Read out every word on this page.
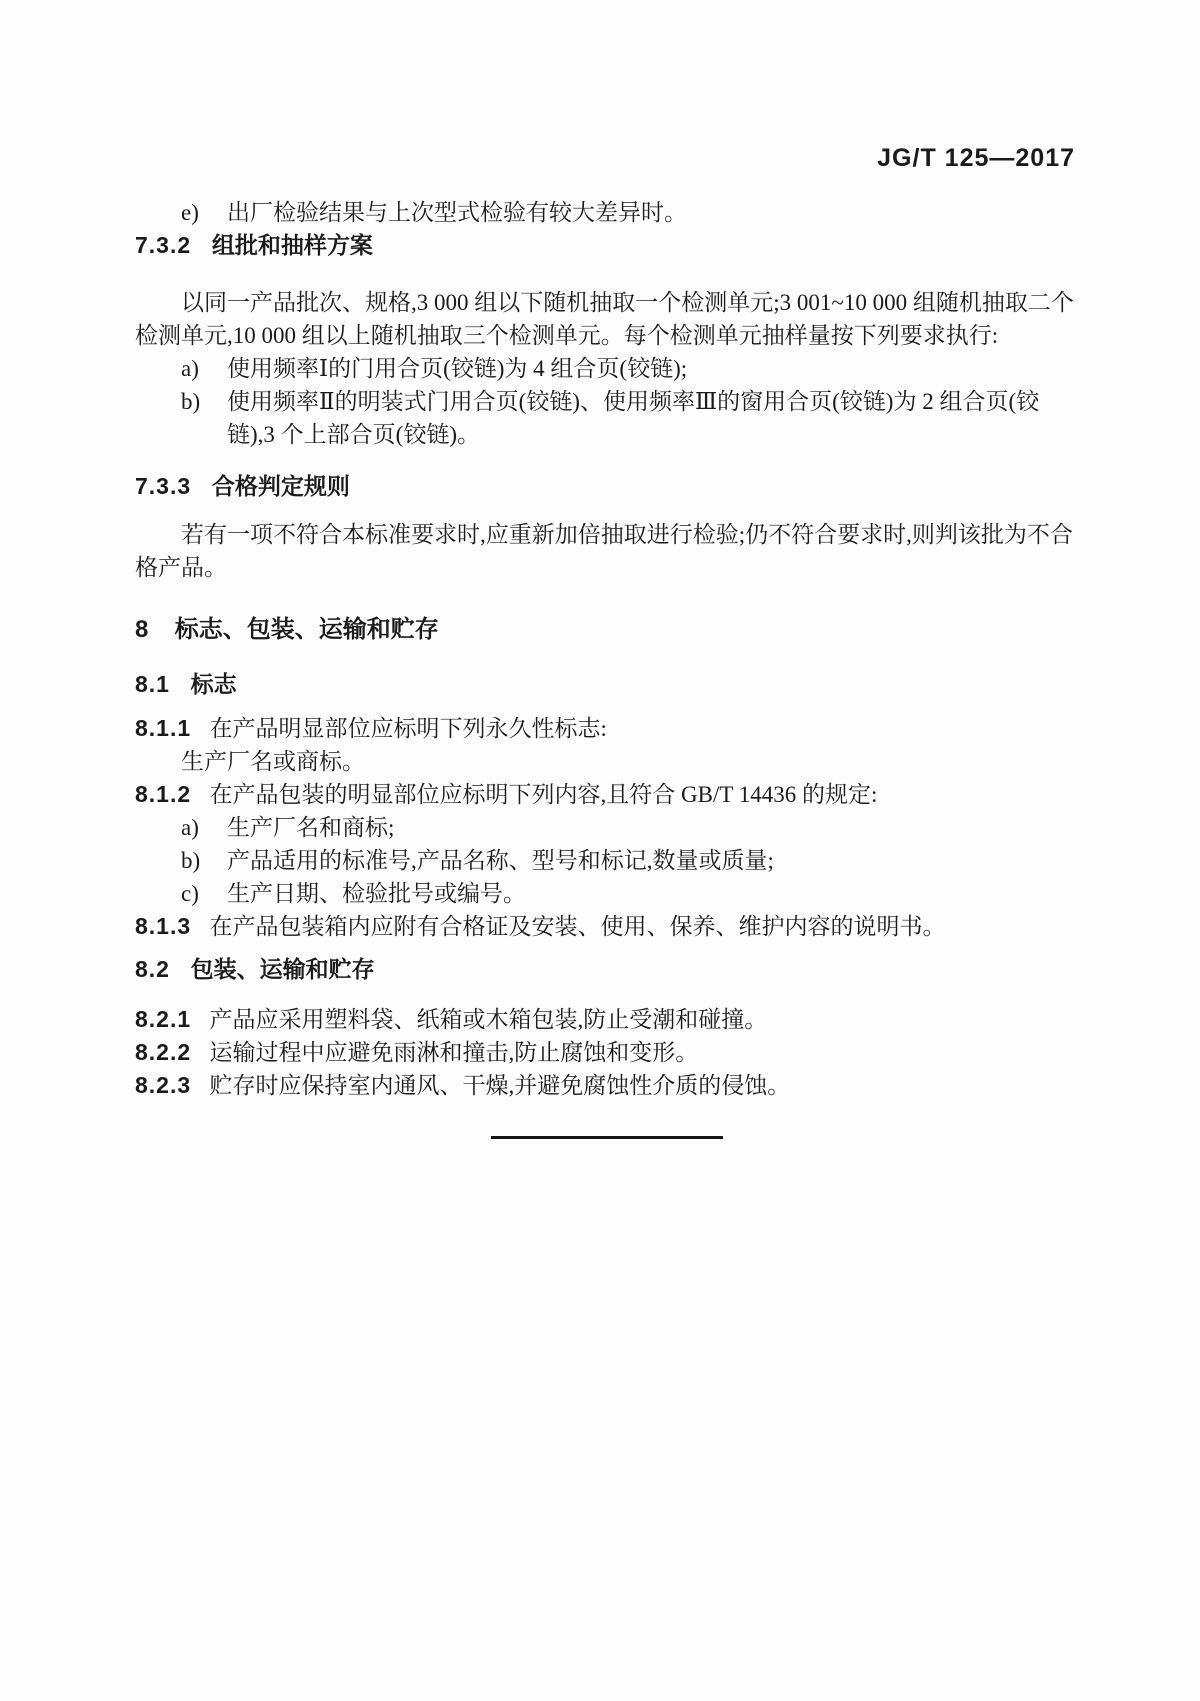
JG/T 125—2017
e)	出厂检验结果与上次型式检验有较大差异时。
7.3.2 组批和抽样方案

以同一产品批次、规格,3 000 组以下随机抽取一个检测单元;3 001~10 000 组随机抽取二个检测单元,10 000 组以上随机抽取三个检测单元。每个检测单元抽样量按下列要求执行:

a)	使用频率Ⅰ的门用合页(铰链)为 4 组合页(铰链);
b)	使用频率Ⅱ的明装式门用合页(铰链)、使用频率Ⅲ的窗用合页(铰链)为 2 组合页(铰链),3 个上部合页(铰链)。
7.3.3 合格判定规则

若有一项不符合本标准要求时,应重新加倍抽取进行检验;仍不符合要求时,则判该批为不合格产品。

8 标志、包装、运输和贮存
8.1 标志

8.1.1 在产品明显部位应标明下列永久性标志:

生产厂名或商标。

8.1.2 在产品包装的明显部位应标明下列内容,且符合 GB/T 14436 的规定:

a)	生产厂名和商标;
b)	产品适用的标准号,产品名称、型号和标记,数量或质量;
c)	生产日期、检验批号或编号。

8.1.3 在产品包装箱内应附有合格证及安装、使用、保养、维护内容的说明书。

8.2 包装、运输和贮存

8.2.1 产品应采用塑料袋、纸箱或木箱包装,防止受潮和碰撞。

8.2.2 运输过程中应避免雨淋和撞击,防止腐蚀和变形。

8.2.3 贮存时应保持室内通风、干燥,并避免腐蚀性介质的侵蚀。
